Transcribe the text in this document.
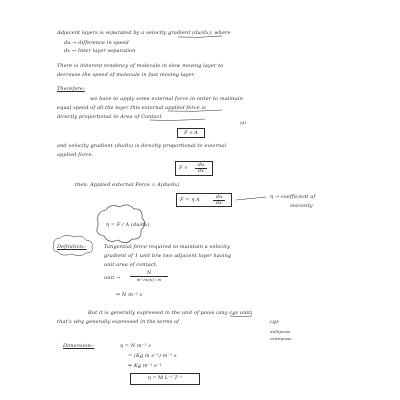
Adjacent layers is separated by a velocity gradient (du/dx), where
du → difference in speed
dx → Inter layer separation
There is inherent tendency of molecule in slow moving layer to
decrease the speed of molecule in fast moving layer.
Therefore:
we have to apply some external force in order to maintain
equal speed of all the layer this external applied force is
directly proportional to Area of Contact
(A)
F ∝ A
and velocity gradient (du/dx) is directly proportional to external
applied force.
$F \propto \frac{du}{dx}$
then. Applied external Force ∝ A(du/dx)
F = η A	$\frac{du}{dx}$	η → coefficient of
viscosity
η = F / A (du/dx)
Definition:-	Tangential force required to maintain a velocity
gradient of 1 unit b/w two adjacent layer having
unit area of contact.
unit →
N
m² (m/s) / m
⇒ N m⁻² s
But it is generally expressed in the unit of poise (any cgs unit)
that's why generally expressed in the terms of	cgs
millipoise
centipoise
Dimension:-	η = N m⁻² s
= (Kg m s⁻²) m⁻² s
⇒ Kg m⁻¹ s⁻¹
η = M L⁻¹ T⁻¹
